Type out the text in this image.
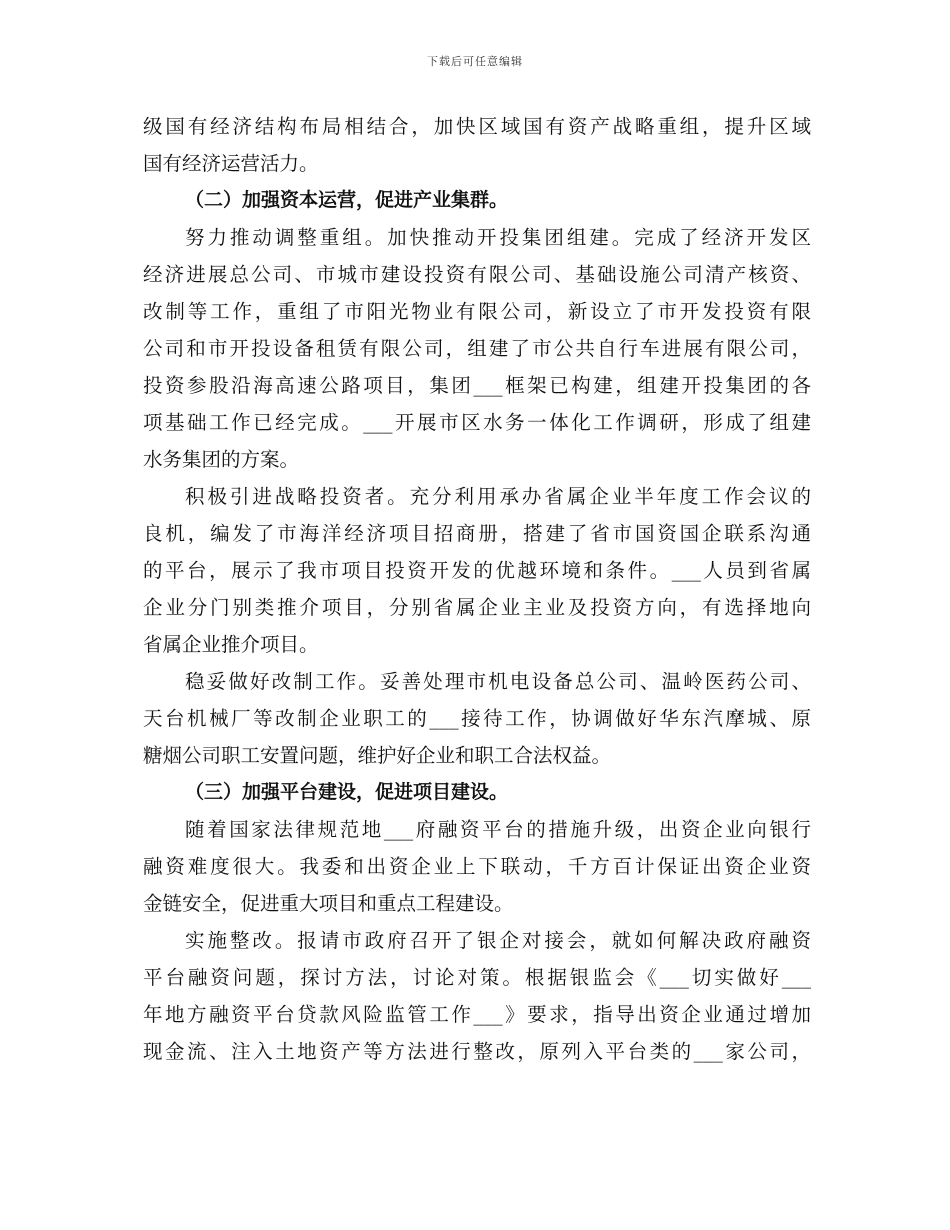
下载后可任意编辑
级国有经济结构布局相结合，加快区域国有资产战略重组，提升区域
国有经济运营活力。
（二）加强资本运营，促进产业集群。
努力推动调整重组。加快推动开投集团组建。完成了经济开发区
经济进展总公司、市城市建设投资有限公司、基础设施公司清产核资、
改制等工作，重组了市阳光物业有限公司，新设立了市开发投资有限
公司和市开投设备租赁有限公司，组建了市公共自行车进展有限公司，
投资参股沿海高速公路项目，集团___框架已构建，组建开投集团的各
项基础工作已经完成。___开展市区水务一体化工作调研，形成了组建
水务集团的方案。
积极引进战略投资者。充分利用承办省属企业半年度工作会议的
良机，编发了市海洋经济项目招商册，搭建了省市国资国企联系沟通
的平台，展示了我市项目投资开发的优越环境和条件。___人员到省属
企业分门别类推介项目，分别省属企业主业及投资方向，有选择地向
省属企业推介项目。
稳妥做好改制工作。妥善处理市机电设备总公司、温岭医药公司、
天台机械厂等改制企业职工的___接待工作，协调做好华东汽摩城、原
糖烟公司职工安置问题，维护好企业和职工合法权益。
（三）加强平台建设，促进项目建设。
随着国家法律规范地___府融资平台的措施升级，出资企业向银行
融资难度很大。我委和出资企业上下联动，千方百计保证出资企业资
金链安全，促进重大项目和重点工程建设。
实施整改。报请市政府召开了银企对接会，就如何解决政府融资
平台融资问题，探讨方法，讨论对策。根据银监会《___切实做好___
年地方融资平台贷款风险监管工作___》要求，指导出资企业通过增加
现金流、注入土地资产等方法进行整改，原列入平台类的___家公司，
